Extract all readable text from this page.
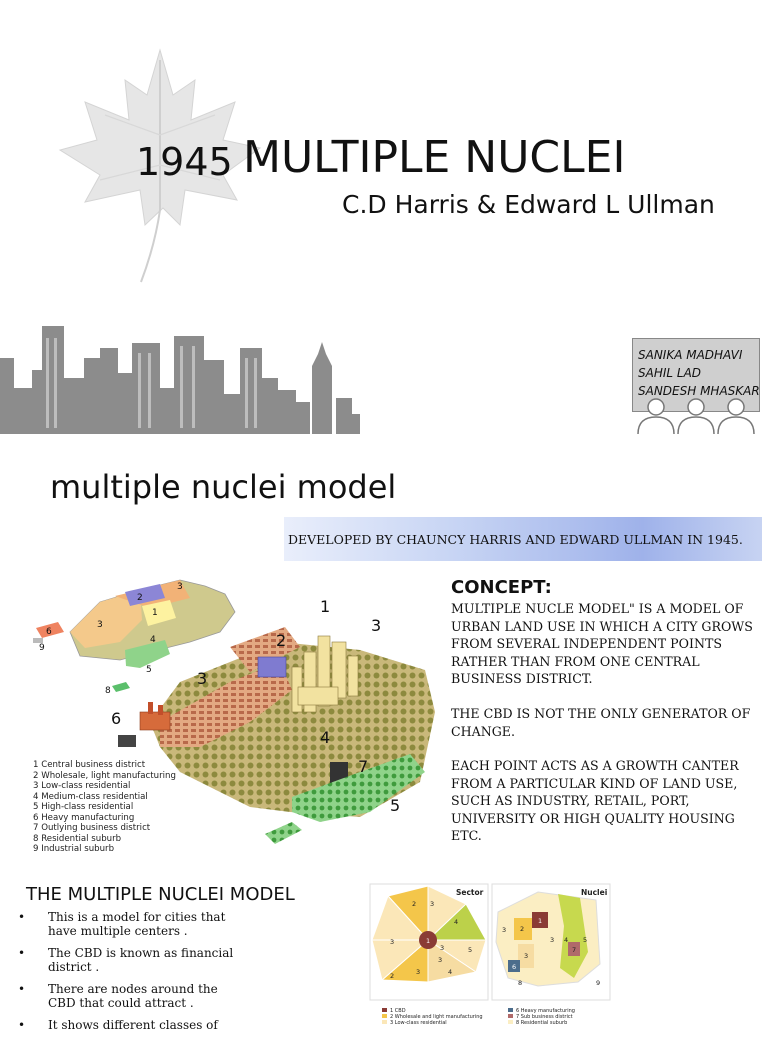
1945 MULTIPLE NUCLEI
C.D Harris & Edward L Ullman
SANIKA MADHAVI
SAHIL LAD
SANDESH MHASKAR
multiple nuclei model
DEVELOPED BY CHAUNCY HARRIS AND EDWARD ULLMAN IN 1945.
1
2
3
3
4
5
6
7
1
2
3
3
4
5
6
8
9
1 Central business district
2 Wholesale, light manufacturing
3 Low-class residential
4 Medium-class residential
5 High-class residential
6 Heavy manufacturing
7 Outlying business district
8 Residential suburb
9 Industrial suburb
CONCEPT:
MULTIPLE NUCLE MODEL" IS A MODEL OF URBAN LAND USE IN WHICH A CITY GROWS FROM SEVERAL INDEPENDENT POINTS RATHER THAN FROM ONE CENTRAL BUSINESS DISTRICT.
THE CBD IS NOT THE ONLY GENERATOR OF CHANGE.
EACH POINT ACTS AS A GROWTH CANTER FROM A PARTICULAR KIND OF LAND USE, SUCH AS INDUSTRY, RETAIL, PORT, UNIVERSITY OR HIGH QUALITY HOUSING ETC.
THE MULTIPLE NUCLEI MODEL
• This is a model for cities that have multiple centers .
• The CBD is known as financial district .
• There are nodes around the CBD that could attract .
• It shows different classes of
Sector	Nuclei
1
2
2
3
3
3
3
4
4
5
3
1
2
3
3
3 4 5
6
7
8	9
1 CBD
2 Wholesale and light manufacturing
3 Low-class residential
6 Heavy manufacturing
7 Sub business district
8 Residential suburb
